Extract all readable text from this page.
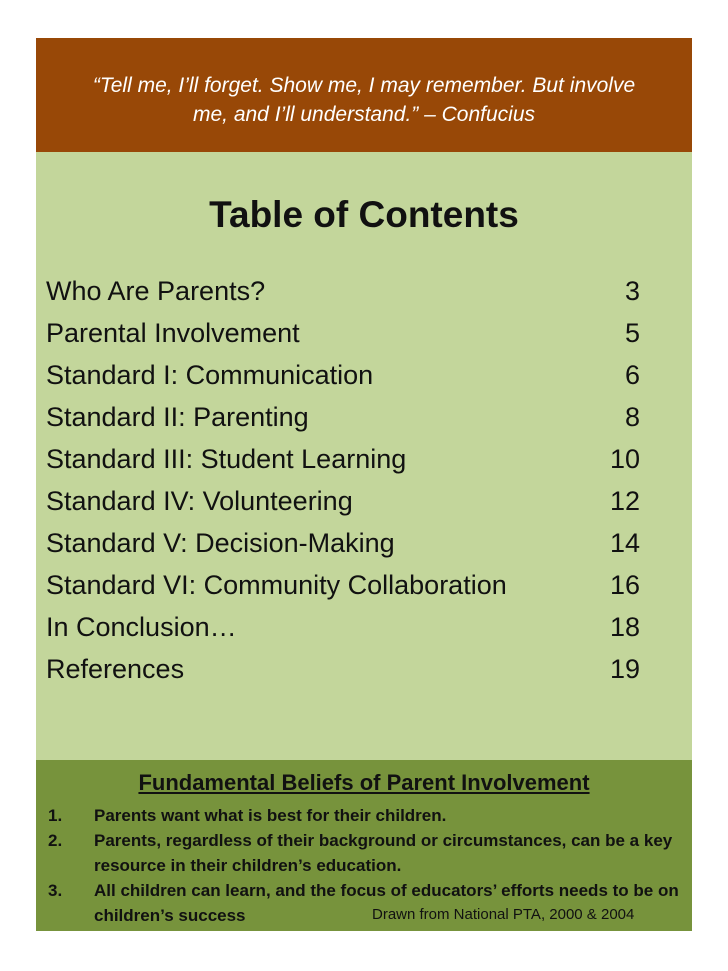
“Tell me, I’ll forget. Show me, I may remember. But involve me, and I’ll understand.” – Confucius
Table of Contents
Who Are Parents?	3
Parental Involvement	5
Standard I: Communication	6
Standard II: Parenting	8
Standard III: Student Learning	10
Standard IV: Volunteering	12
Standard V: Decision-Making	14
Standard VI: Community Collaboration	16
In Conclusion…	18
References	19
Fundamental Beliefs of Parent Involvement
1. Parents want what is best for their children.
2. Parents, regardless of their background or circumstances, can be a key resource in their children’s education.
3. All children can learn, and the focus of educators’ efforts needs to be on children’s success	Drawn from National PTA, 2000 & 2004
